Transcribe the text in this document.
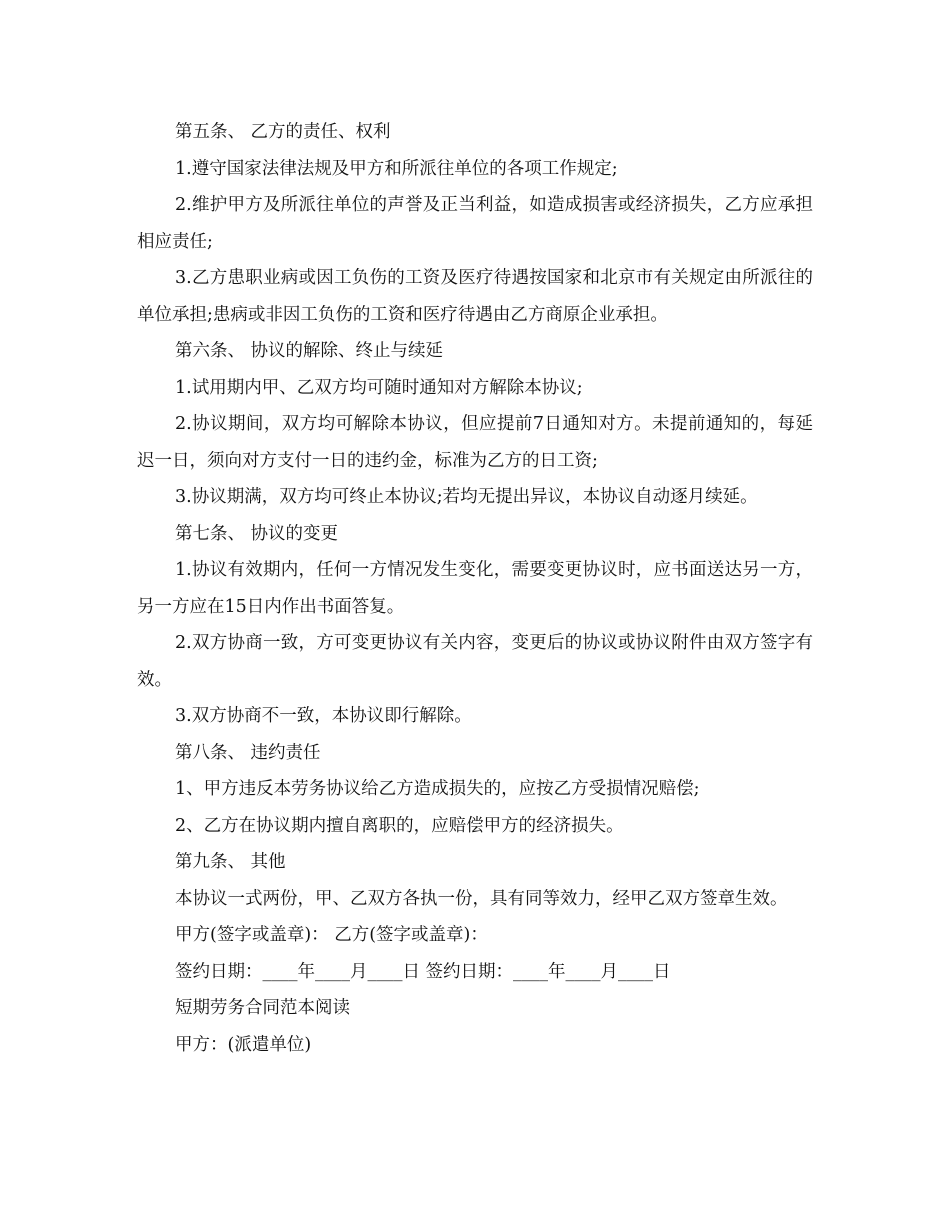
第五条、 乙方的责任、权利

1.遵守国家法律法规及甲方和所派往单位的各项工作规定;

2.维护甲方及所派往单位的声誉及正当利益，如造成损害或经济损失，乙方应承担相应责任;

3.乙方患职业病或因工负伤的工资及医疗待遇按国家和北京市有关规定由所派往的单位承担;患病或非因工负伤的工资和医疗待遇由乙方商原企业承担。

第六条、 协议的解除、终止与续延

1.试用期内甲、乙双方均可随时通知对方解除本协议;

2.协议期间，双方均可解除本协议，但应提前7日通知对方。未提前通知的，每延迟一日，须向对方支付一日的违约金，标准为乙方的日工资;

3.协议期满，双方均可终止本协议;若均无提出异议，本协议自动逐月续延。

第七条、 协议的变更

1.协议有效期内，任何一方情况发生变化，需要变更协议时，应书面送达另一方，另一方应在15日内作出书面答复。

2.双方协商一致，方可变更协议有关内容，变更后的协议或协议附件由双方签字有效。

3.双方协商不一致，本协议即行解除。

第八条、 违约责任

1、甲方违反本劳务协议给乙方造成损失的，应按乙方受损情况赔偿;

2、乙方在协议期内擅自离职的，应赔偿甲方的经济损失。

第九条、 其他

本协议一式两份，甲、乙双方各执一份，具有同等效力，经甲乙双方签章生效。

甲方(签字或盖章)： 乙方(签字或盖章)：

签约日期：____年____月____日 签约日期：____年____月____日

短期劳务合同范本阅读

甲方：(派遣单位)
